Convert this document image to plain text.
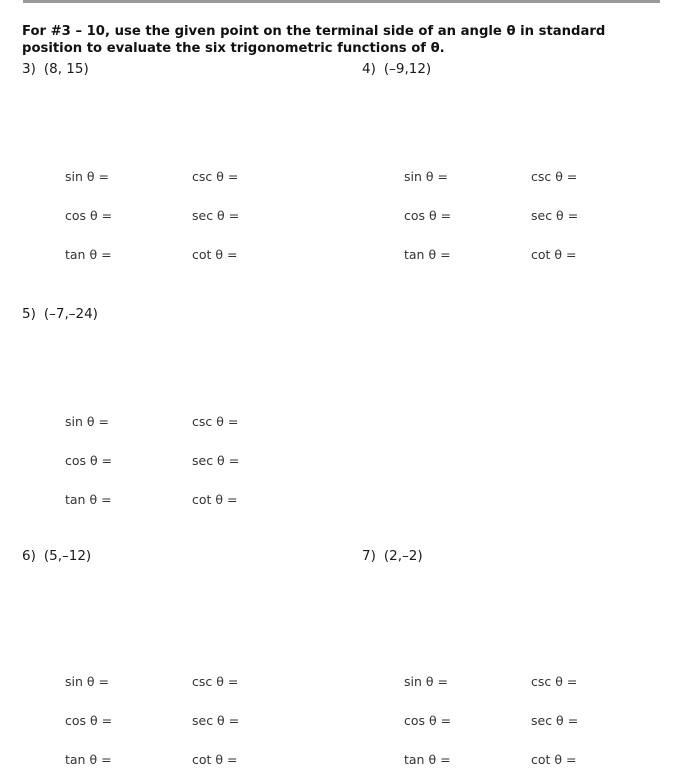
For #3 – 10, use the given point on the terminal side of an angle θ in standard position to evaluate the six trigonometric functions of θ.
3) (8, 15)
sin θ =	csc θ =
cos θ =	sec θ =
tan θ =	cot θ =
4) (–9,12)
sin θ =	csc θ =
cos θ =	sec θ =
tan θ =	cot θ =
5) (–7,–24)
sin θ =	csc θ =
cos θ =	sec θ =
tan θ =	cot θ =
6) (5,–12)
sin θ =	csc θ =
cos θ =	sec θ =
tan θ =	cot θ =
7) (2,–2)
sin θ =	csc θ =
cos θ =	sec θ =
tan θ =	cot θ =
